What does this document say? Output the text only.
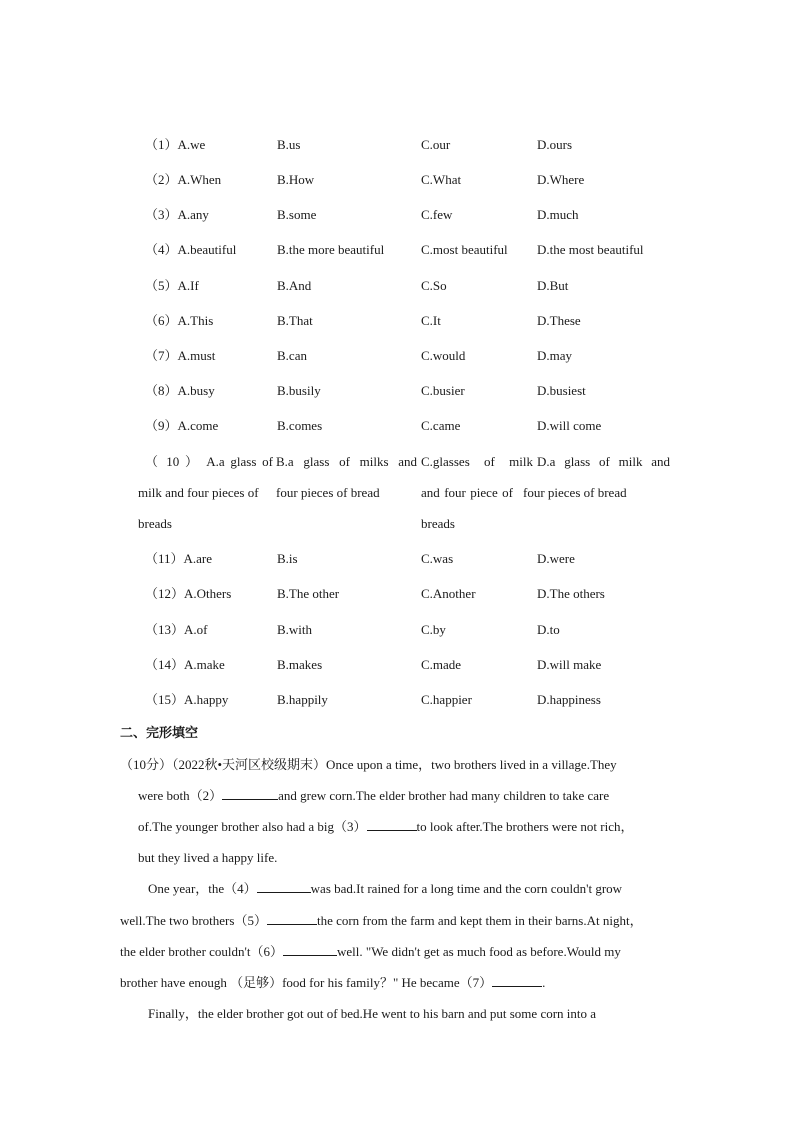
（1）A.we	B.us	C.our	D.ours
（2）A.When	B.How	C.What	D.Where
（3）A.any	B.some	C.few	D.much
（4）A.beautiful	B.the more beautiful	C.most beautiful D.the most beautiful
（5）A.If	B.And	C.So	D.But
（6）A.This	B.That	C.It	D.These
（7）A.must	B.can	C.would	D.may
（8）A.busy	B.busily	C.busier	D.busiest
（9）A.come	B.comes	C.came	D.will come
（ 10 ） A.a glass of
milk and four pieces of
breads
B.a glass of milks and
four pieces of bread
C.glasses of milk
and four piece of
breads
D.a glass of milk and
four pieces of bread
（11）A.are	B.is	C.was	D.were
（12）A.Others	B.The other	C.Another	D.The others
（13）A.of	B.with	C.by	D.to
（14）A.make	B.makes	C.made	D.will make
（15）A.happy	B.happily	C.happier	D.happiness
二、完形填空
（10分）（2022秋•天河区校级期末）Once upon a time，two brothers lived in a village.They
were both（2）	and grew corn.The elder brother had many children to take care
of.The younger brother also had a big（3）	to look after.The brothers were not rich，
but they lived a happy life.
One year，the（4）	was bad.It rained for a long time and the corn couldn't grow
well.The two brothers（5）	the corn from the farm and kept them in their barns.At night，
the elder brother couldn't（6）	well. "We didn't get as much food as before.Would my
brother have enough （足够）food for his family？" He became（7）	.
Finally，the elder brother got out of bed.He went to his barn and put some corn into a
